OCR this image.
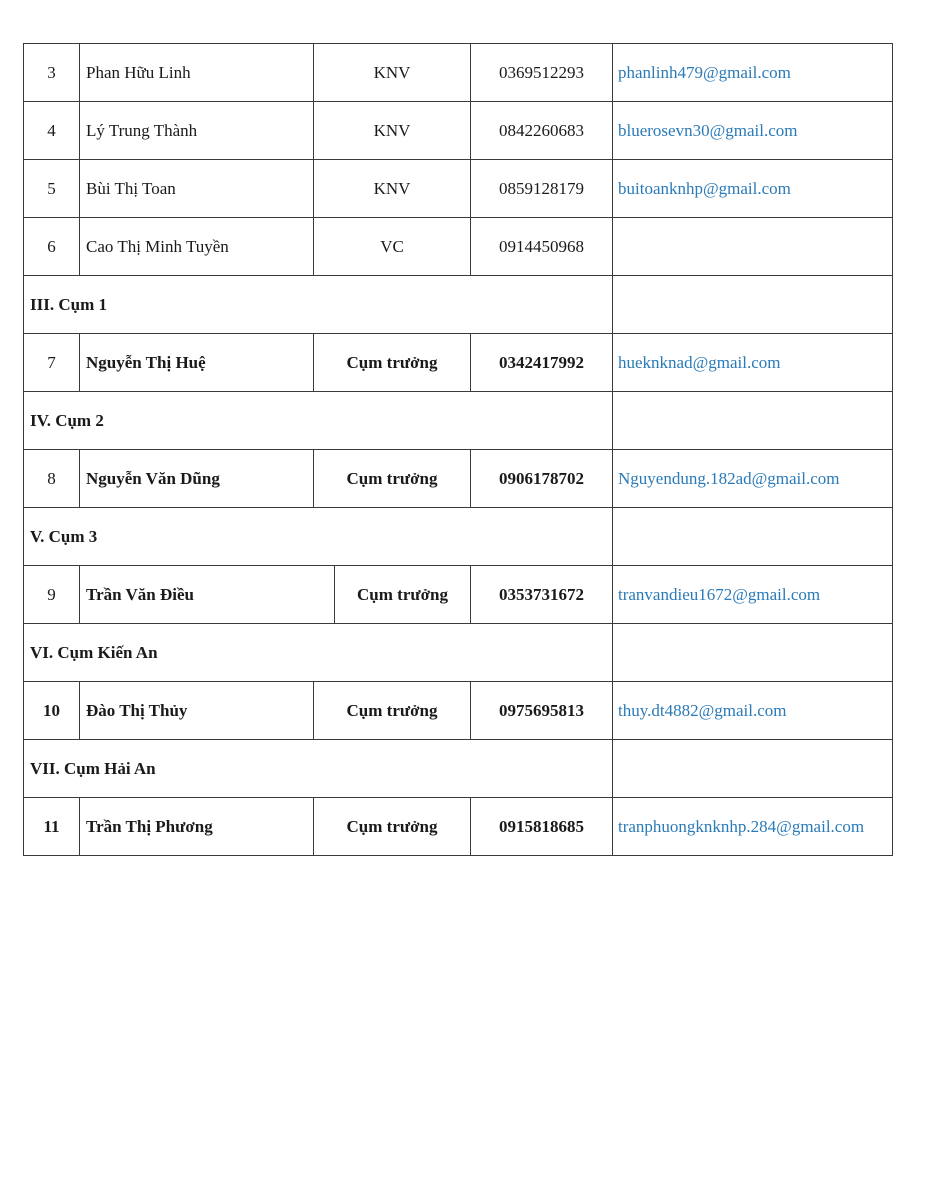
3	Phan Hữu Linh	KNV	0369512293	phanlinh479@gmail.com
4	Lý Trung Thành	KNV	0842260683	bluerosevn30@gmail.com
5	Bùi Thị Toan	KNV	0859128179	buitoanknhp@gmail.com
6	Cao Thị Minh Tuyền	VC	0914450968
III. Cụm 1
7	Nguyễn Thị Huệ	Cụm trưởng	0342417992	hueknknad@gmail.com
IV. Cụm 2
8	Nguyễn Văn Dũng	Cụm trưởng	0906178702	Nguyendung.182ad@gmail.com
V. Cụm 3
9	Trần Văn Điều	Cụm trưởng	0353731672	tranvandieu1672@gmail.com
VI. Cụm Kiến An
10	Đào Thị Thủy	Cụm trưởng	0975695813	thuy.dt4882@gmail.com
VII. Cụm Hải An
11	Trần Thị Phương	Cụm trưởng	0915818685	tranphuongknknhp.284@gmail.com
